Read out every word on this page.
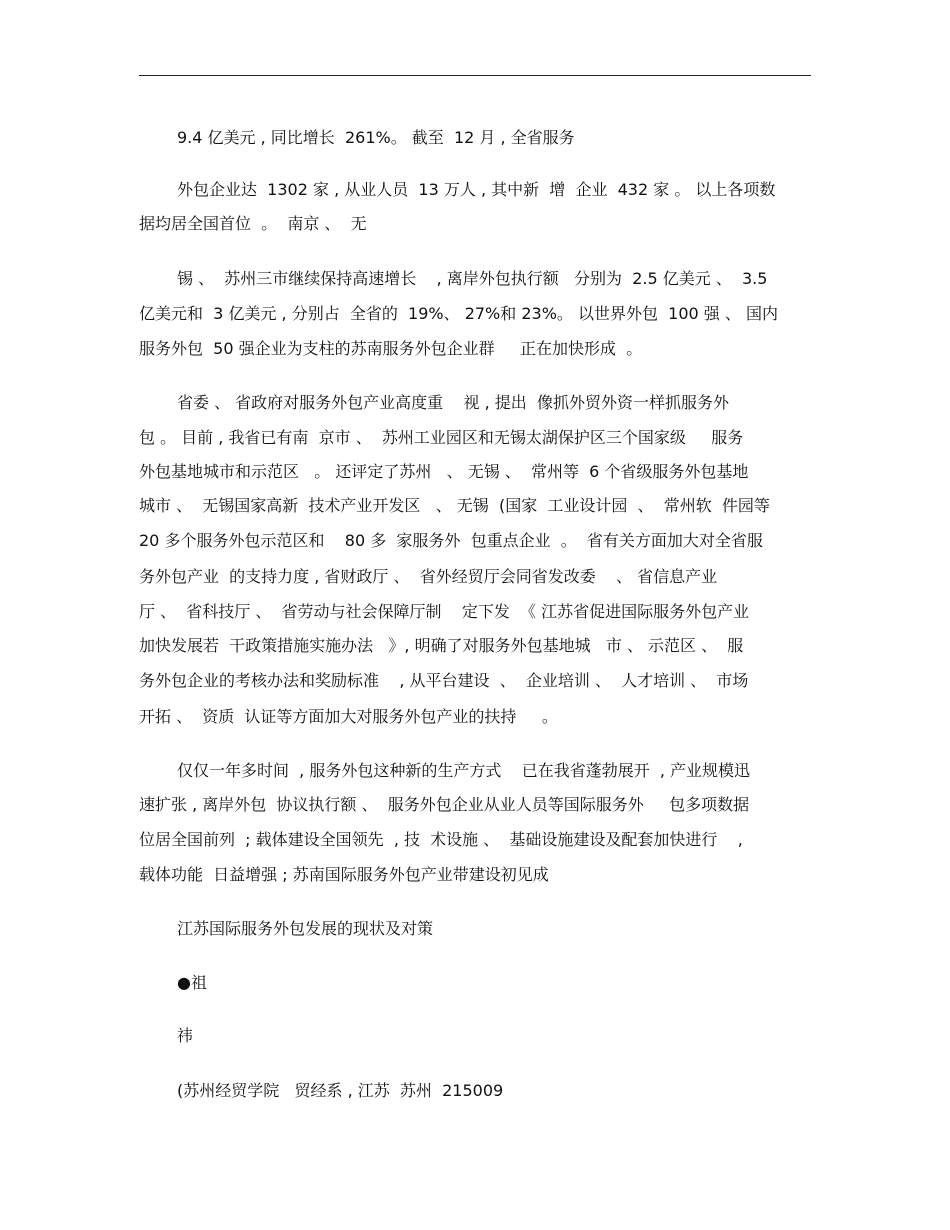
9.4 亿美元 , 同比增长  261%。 截至  12 月 , 全省服务
外包企业达  1302 家 , 从业人员  13 万人 , 其中新  增  企业  432 家 。 以上各项数
据均居全国首位  。  南京 、  无
锡 、  苏州三市继续保持高速增长    , 离岸外包执行额   分别为  2.5 亿美元 、  3.5
亿美元和  3 亿美元 , 分别占  全省的  19%、 27%和 23%。 以世界外包  100 强 、 国内
服务外包  50 强企业为支柱的苏南服务外包企业群     正在加快形成  。
省委 、 省政府对服务外包产业高度重    视 , 提出  像抓外贸外资一样抓服务外
包 。 目前 , 我省已有南  京市 、  苏州工业园区和无锡太湖保护区三个国家级     服务
外包基地城市和示范区   。 还评定了苏州   、 无锡 、  常州等  6 个省级服务外包基地
城市 、  无锡国家高新  技术产业开发区   、 无锡  (国家  工业设计园  、  常州软  件园等
20 多个服务外包示范区和    80 多  家服务外  包重点企业  。  省有关方面加大对全省服
务外包产业  的支持力度 , 省财政厅 、  省外经贸厅会同省发改委    、 省信息产业
厅 、  省科技厅 、  省劳动与社会保障厅制    定下发  《 江苏省促进国际服务外包产业
加快发展若  干政策措施实施办法   》, 明确了对服务外包基地城   市 、 示范区 、  服
务外包企业的考核办法和奖励标准    , 从平台建设  、  企业培训 、  人才培训 、  市场
开拓 、  资质  认证等方面加大对服务外包产业的扶持     。
仅仅一年多时间  , 服务外包这种新的生产方式    已在我省蓬勃展开  , 产业规模迅
速扩张 , 离岸外包  协议执行额 、  服务外包企业从业人员等国际服务外     包多项数据
位居全国前列  ; 载体建设全国领先  , 技  术设施 、  基础设施建设及配套加快进行    ,
载体功能  日益增强 ; 苏南国际服务外包产业带建设初见成
江苏国际服务外包发展的现状及对策
●祖
祎
(苏州经贸学院   贸经系 , 江苏  苏州  215009
